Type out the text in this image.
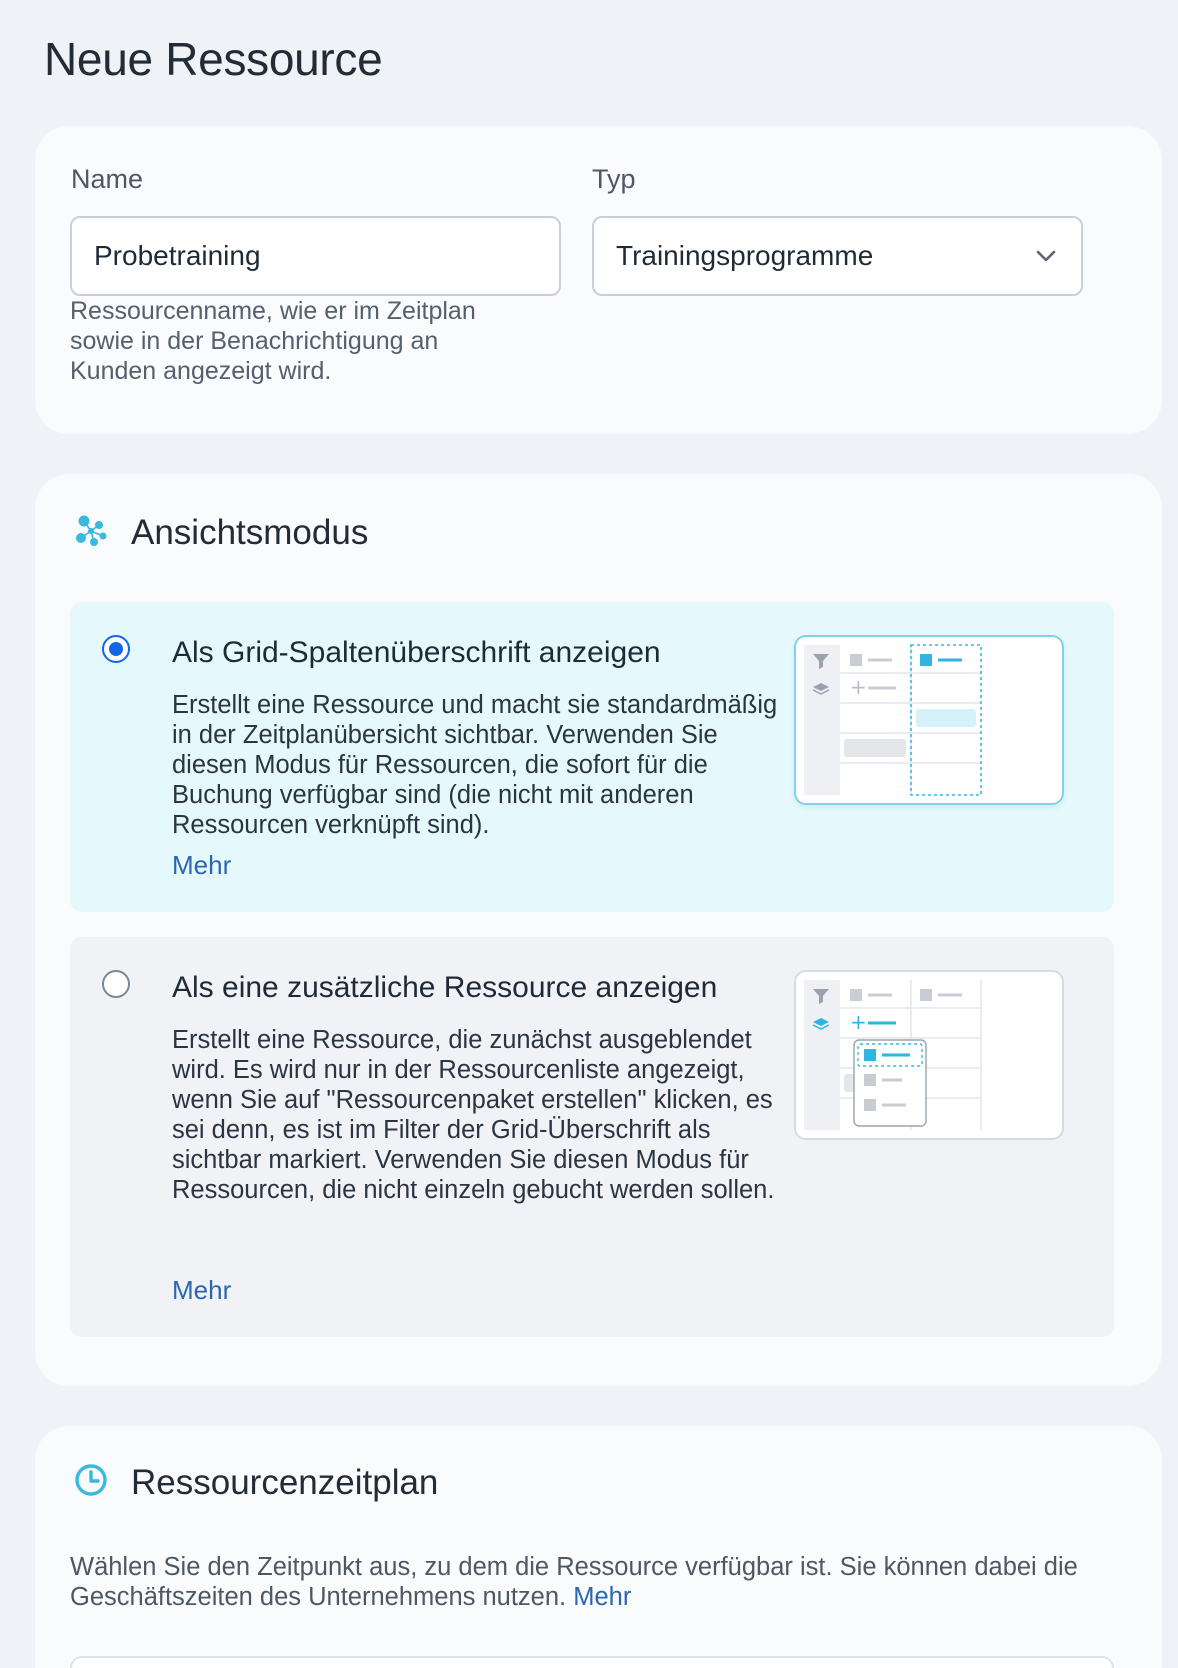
Neue Ressource
Name
Probetraining
Ressourcenname, wie er im Zeitplan sowie in der Benachrichtigung an Kunden angezeigt wird.
Typ
Trainingsprogramme
Ansichtsmodus
Als Grid-Spaltenüberschrift anzeigen
Erstellt eine Ressource und macht sie standardmäßig in der Zeitplanübersicht sichtbar. Verwenden Sie diesen Modus für Ressourcen, die sofort für die Buchung verfügbar sind (die nicht mit anderen Ressourcen verknüpft sind).
Mehr
+
Als eine zusätzliche Ressource anzeigen
Erstellt eine Ressource, die zunächst ausgeblendet wird. Es wird nur in der Ressourcenliste angezeigt, wenn Sie auf "Ressourcenpaket erstellen" klicken, es sei denn, es ist im Filter der Grid-Überschrift als sichtbar markiert. Verwenden Sie diesen Modus für Ressourcen, die nicht einzeln gebucht werden sollen.
Mehr
+
Ressourcenzeitplan

Wählen Sie den Zeitpunkt aus, zu dem die Ressource verfügbar ist. Sie können dabei die Geschäftszeiten des Unternehmens nutzen. Mehr
